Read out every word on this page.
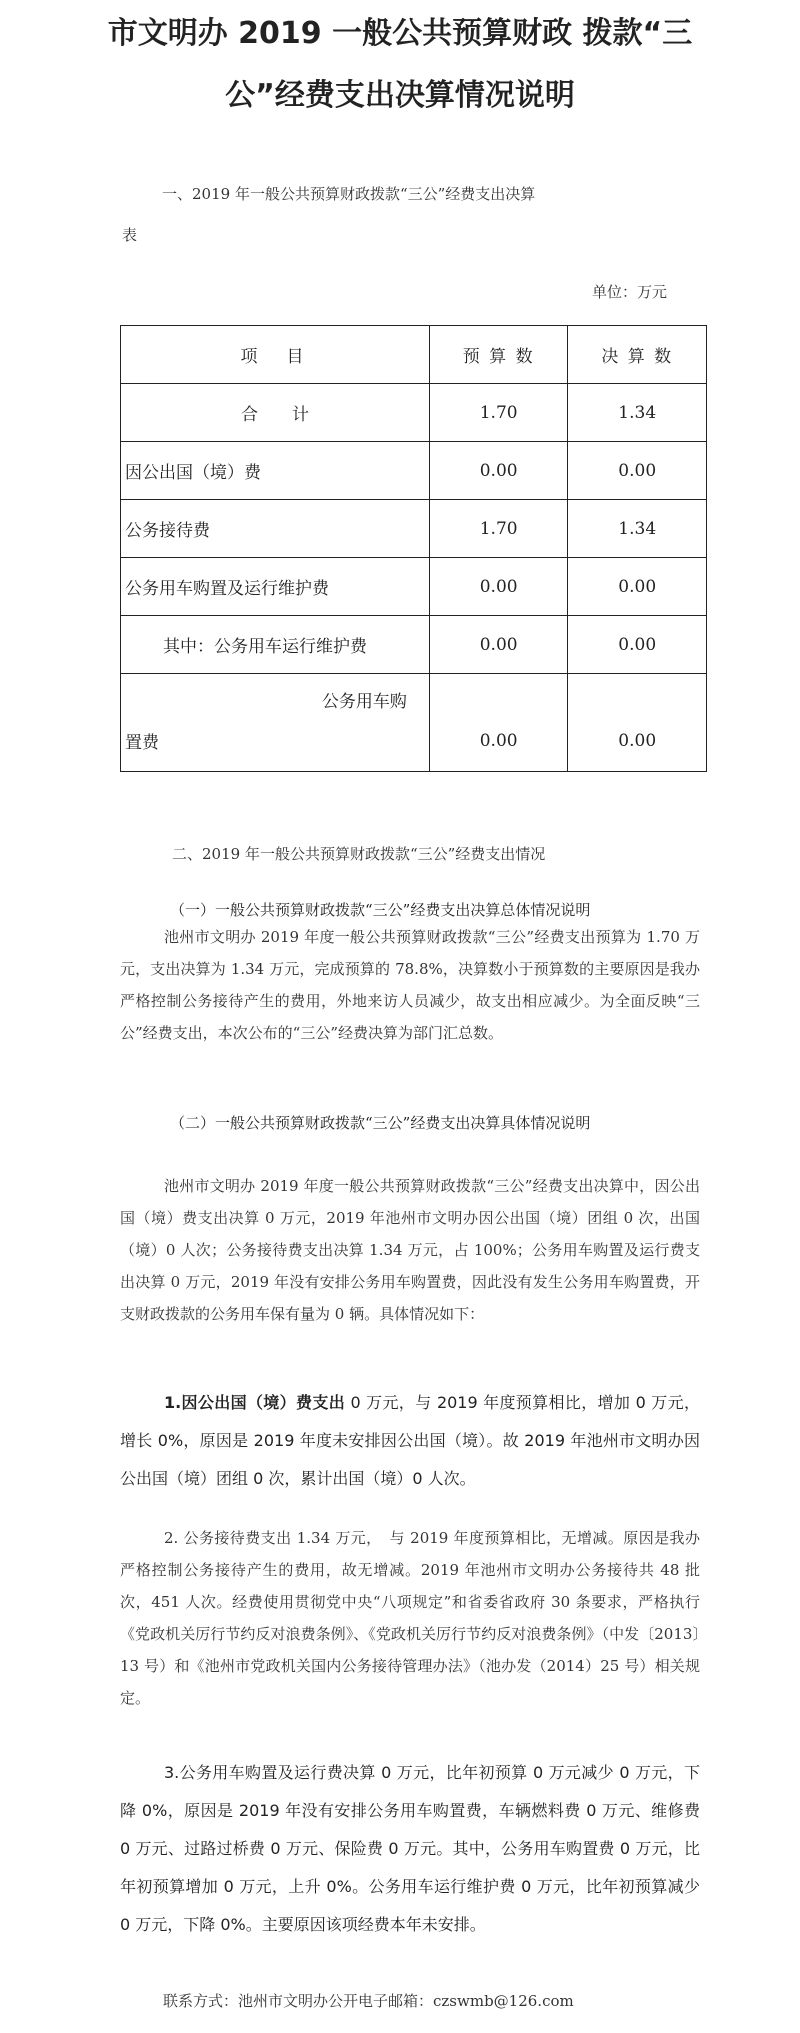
市文明办 2019 一般公共预算财政 拨款“三
公”经费支出决算情况说明
一、2019 年一般公共预算财政拨款“三公”经费支出决算
表
单位：万元
项　目	预 算 数	决 算 数
合　　计	1.70	1.34
因公出国（境）费	0.00	0.00
公务接待费	1.70	1.34
公务用车购置及运行维护费	0.00	0.00
其中：公务用车运行维护费	0.00	0.00

公务用车购
置费	0.00	0.00
二、2019 年一般公共预算财政拨款“三公”经费支出情况
（一）一般公共预算财政拨款“三公”经费支出决算总体情况说明
池州市文明办 2019 年度一般公共预算财政拨款“三公”经费支出预算为 1.70 万元，支出决算为 1.34 万元，完成预算的 78.8%，决算数小于预算数的主要原因是我办严格控制公务接待产生的费用，外地来访人员减少，故支出相应减少。为全面反映“三公”经费支出，本次公布的“三公”经费决算为部门汇总数。
（二）一般公共预算财政拨款“三公”经费支出决算具体情况说明
池州市文明办 2019 年度一般公共预算财政拨款“三公”经费支出决算中，因公出国（境）费支出决算 0 万元，2019 年池州市文明办因公出国（境）团组 0 次，出国（境）0 人次；公务接待费支出决算 1.34 万元，占 100%；公务用车购置及运行费支出决算 0 万元，2019 年没有安排公务用车购置费，因此没有发生公务用车购置费，开支财政拨款的公务用车保有量为 0 辆。具体情况如下：
1.因公出国（境）费支出 0 万元，与 2019 年度预算相比，增加 0 万元，增长 0%，原因是 2019 年度未安排因公出国（境）。故 2019 年池州市文明办因公出国（境）团组 0 次，累计出国（境）0 人次。
2. 公务接待费支出 1.34 万元，　与 2019 年度预算相比，无增减。原因是我办严格控制公务接待产生的费用，故无增减。2019 年池州市文明办公务接待共 48 批次，451 人次。经费使用贯彻党中央“八项规定”和省委省政府 30 条要求，严格执行《党政机关厉行节约反对浪费条例》、《党政机关厉行节约反对浪费条例》（中发〔2013〕13 号）和《池州市党政机关国内公务接待管理办法》（池办发（2014）25 号）相关规定。
3.公务用车购置及运行费决算 0 万元，比年初预算 0 万元减少 0 万元，下降 0%，原因是 2019 年没有安排公务用车购置费，车辆燃料费 0 万元、维修费 0 万元、过路过桥费 0 万元、保险费 0 万元。其中，公务用车购置费 0 万元，比年初预算增加 0 万元，上升 0%。公务用车运行维护费 0 万元，比年初预算减少 0 万元，下降 0%。主要原因该项经费本年未安排。
联系方式：池州市文明办公开电子邮箱：czswmb@126.com
